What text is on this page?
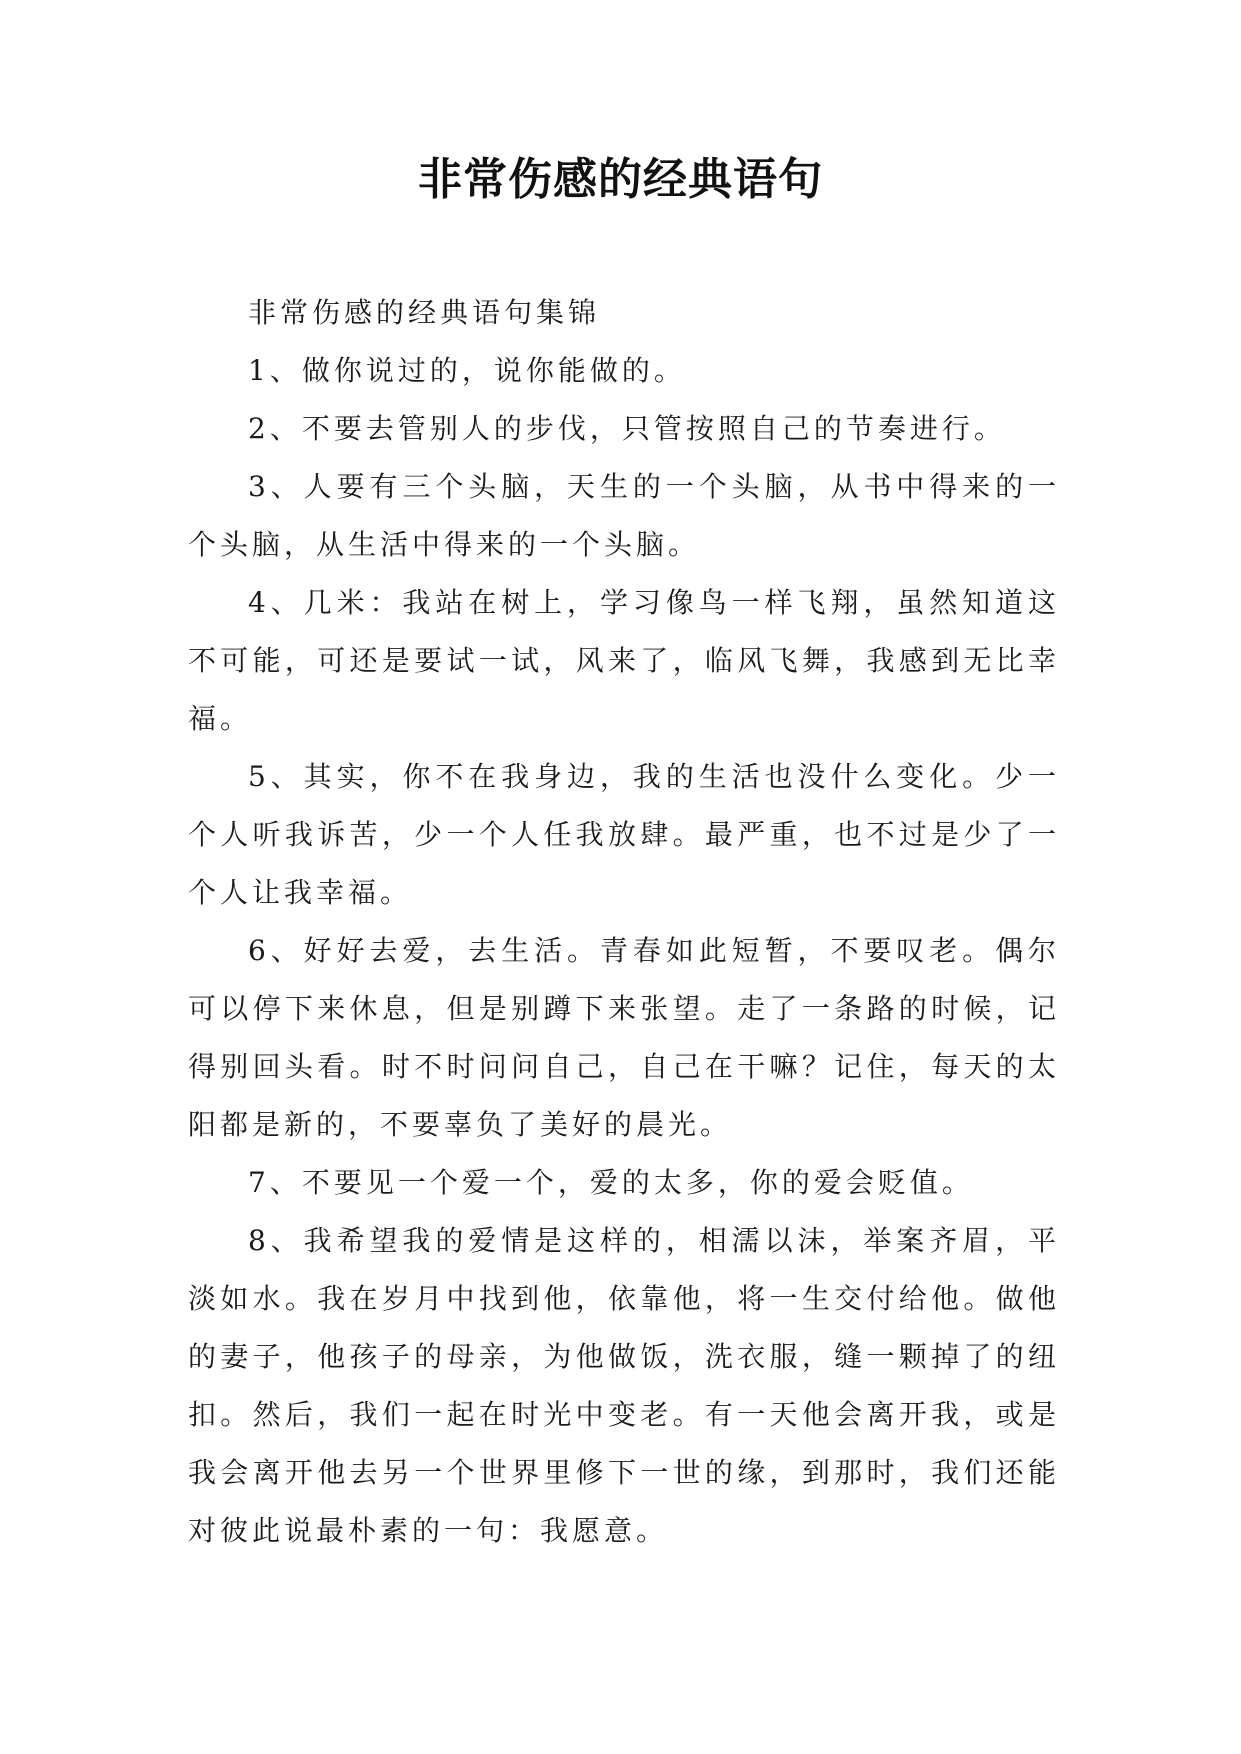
非常伤感的经典语句

非常伤感的经典语句集锦

1、做你说过的，说你能做的。

2、不要去管别人的步伐，只管按照自己的节奏进行。

3、人要有三个头脑，天生的一个头脑，从书中得来的一个头脑，从生活中得来的一个头脑。

4、几米：我站在树上，学习像鸟一样飞翔，虽然知道这不可能，可还是要试一试，风来了，临风飞舞，我感到无比幸福。

5、其实，你不在我身边，我的生活也没什么变化。少一个人听我诉苦，少一个人任我放肆。最严重，也不过是少了一个人让我幸福。

6、好好去爱，去生活。青春如此短暂，不要叹老。偶尔可以停下来休息，但是别蹲下来张望。走了一条路的时候，记得别回头看。时不时问问自己，自己在干嘛？记住，每天的太阳都是新的，不要辜负了美好的晨光。

7、不要见一个爱一个，爱的太多，你的爱会贬值。

8、我希望我的爱情是这样的，相濡以沫，举案齐眉，平淡如水。我在岁月中找到他，依靠他，将一生交付给他。做他的妻子，他孩子的母亲，为他做饭，洗衣服，缝一颗掉了的纽扣。然后，我们一起在时光中变老。有一天他会离开我，或是我会离开他去另一个世界里修下一世的缘，到那时，我们还能对彼此说最朴素的一句：我愿意。
